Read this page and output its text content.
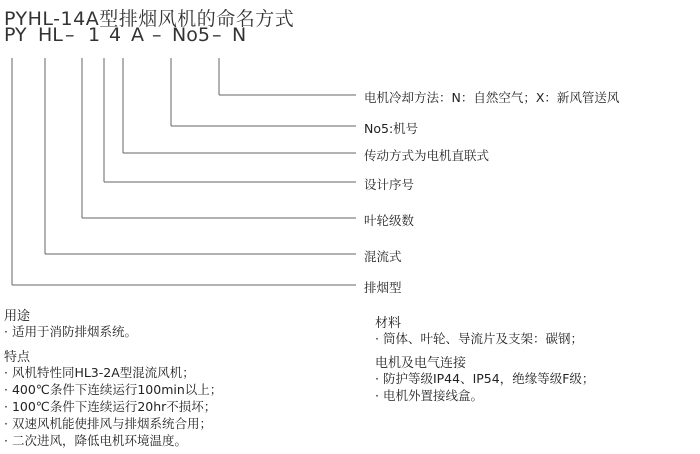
PYHL-14A型排烟风机的命名方式
PY HL – 1 4 A – No5 – N
电机冷却方法：N：自然空气；X：新风管送风
No5:机号
传动方式为电机直联式
设计序号
叶轮级数
混流式
排烟型
用途
· 适用于消防排烟系统。
特点
· 风机特性同HL3-2A型混流风机；
· 400℃条件下连续运行100min以上；
· 100℃条件下连续运行20hr不损坏；
· 双速风机能使排风与排烟系统合用；
· 二次进风，降低电机环境温度。
材料
· 筒体、叶轮、导流片及支架：碳钢；
电机及电气连接
· 防护等级IP44、IP54，绝缘等级F级；
· 电机外置接线盒。
